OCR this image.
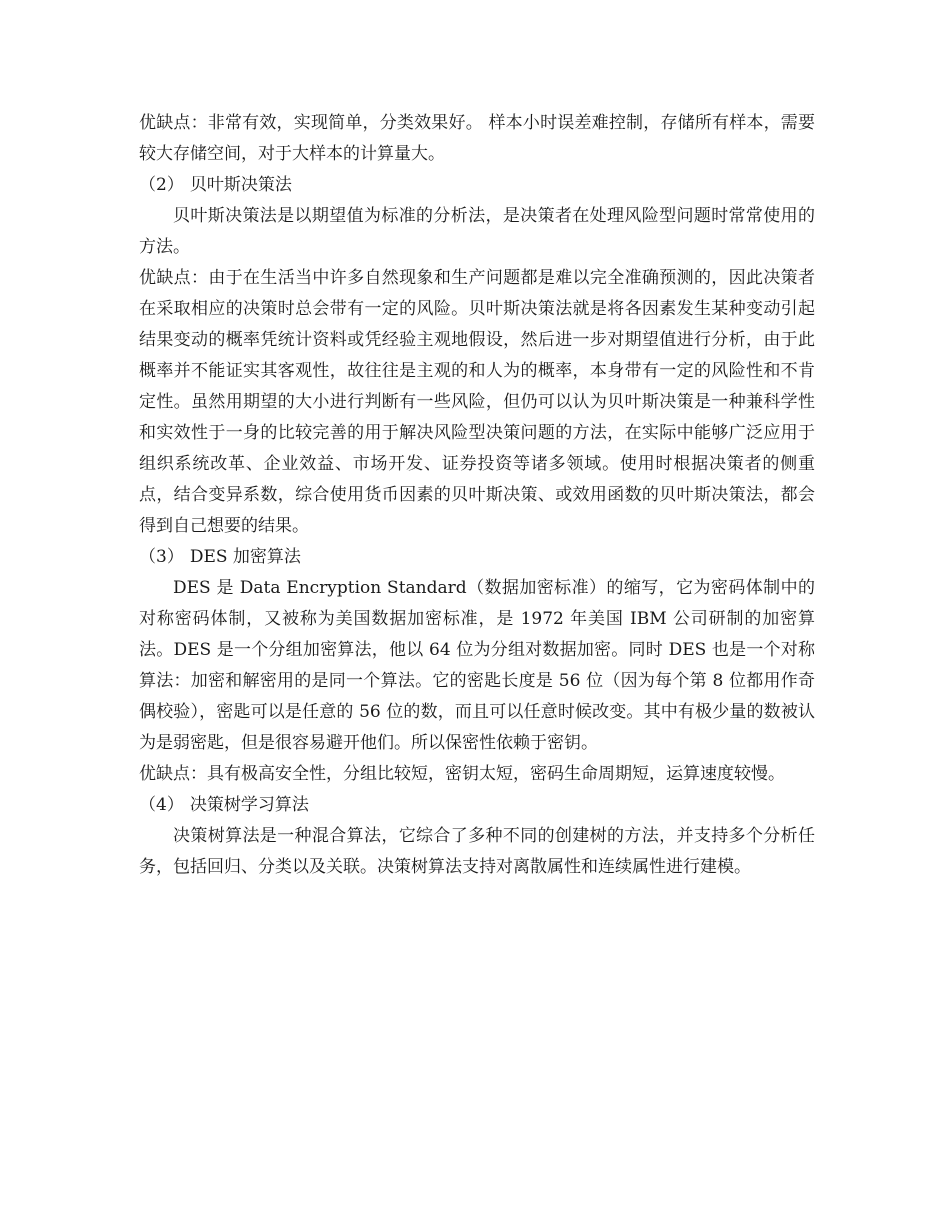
优缺点：非常有效，实现简单，分类效果好。 样本小时误差难控制，存储所有样本，需要较大存储空间，对于大样本的计算量大。

（2） 贝叶斯决策法

贝叶斯决策法是以期望值为标准的分析法，是决策者在处理风险型问题时常常使用的方法。

优缺点：由于在生活当中许多自然现象和生产问题都是难以完全准确预测的，因此决策者在采取相应的决策时总会带有一定的风险。贝叶斯决策法就是将各因素发生某种变动引起结果变动的概率凭统计资料或凭经验主观地假设，然后进一步对期望值进行分析，由于此概率并不能证实其客观性，故往往是主观的和人为的概率，本身带有一定的风险性和不肯定性。虽然用期望的大小进行判断有一些风险，但仍可以认为贝叶斯决策是一种兼科学性和实效性于一身的比较完善的用于解决风险型决策问题的方法，在实际中能够广泛应用于组织系统改革、企业效益、市场开发、证券投资等诸多领域。使用时根据决策者的侧重点，结合变异系数，综合使用货币因素的贝叶斯决策、或效用函数的贝叶斯决策法，都会得到自己想要的结果。

（3） DES 加密算法

DES 是 Data Encryption Standard（数据加密标准）的缩写，它为密码体制中的对称密码体制，又被称为美国数据加密标准，是 1972 年美国 IBM 公司研制的加密算法。DES 是一个分组加密算法，他以 64 位为分组对数据加密。同时 DES 也是一个对称算法：加密和解密用的是同一个算法。它的密匙长度是 56 位（因为每个第 8 位都用作奇偶校验），密匙可以是任意的 56 位的数，而且可以任意时候改变。其中有极少量的数被认为是弱密匙，但是很容易避开他们。所以保密性依赖于密钥。

优缺点：具有极高安全性，分组比较短，密钥太短，密码生命周期短，运算速度较慢。

（4） 决策树学习算法

决策树算法是一种混合算法，它综合了多种不同的创建树的方法，并支持多个分析任务，包括回归、分类以及关联。决策树算法支持对离散属性和连续属性进行建模。
